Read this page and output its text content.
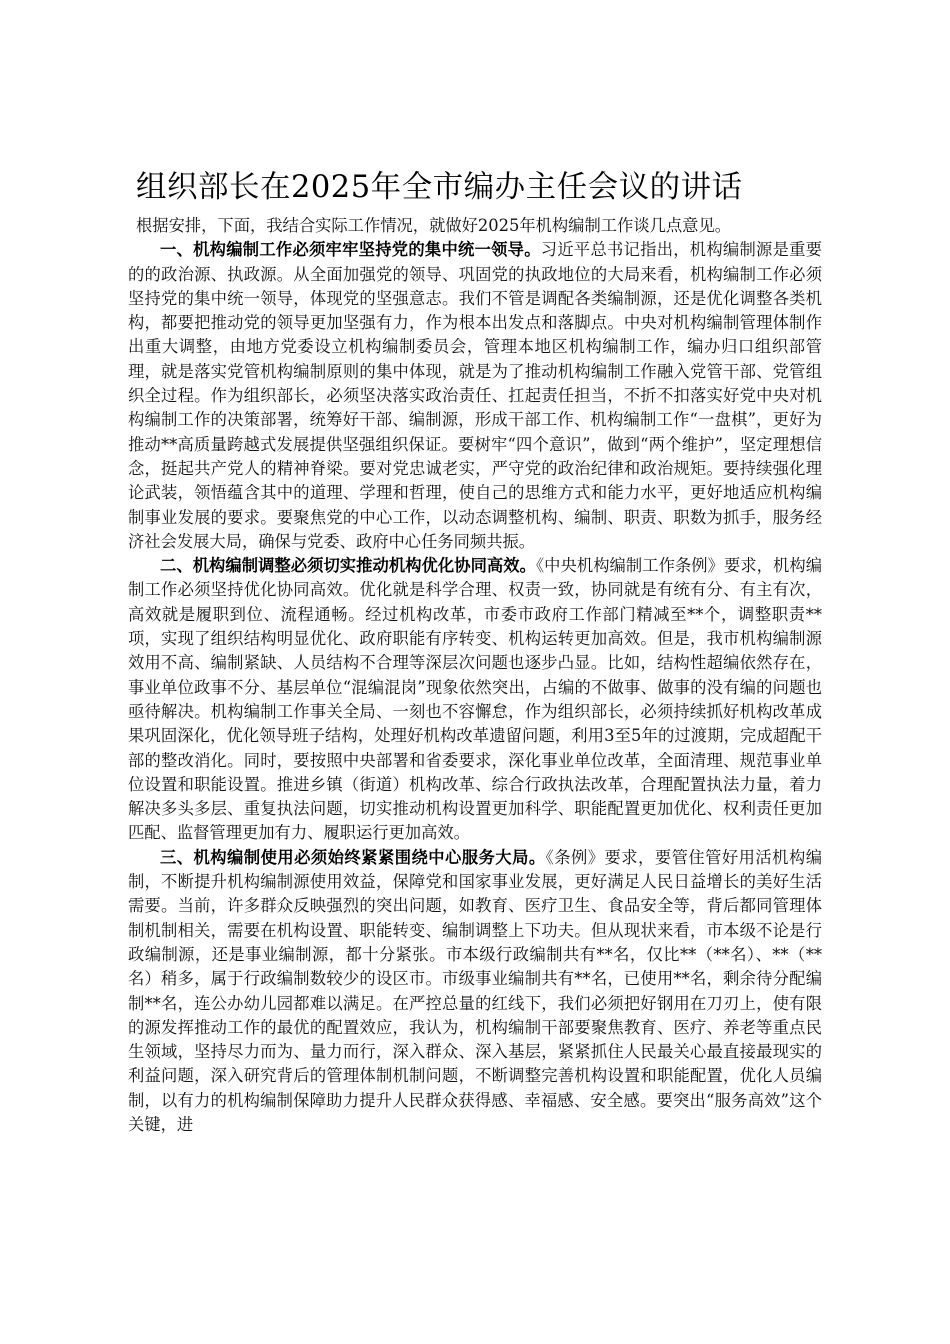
组织部长在2025年全市编办主任会议的讲话

根据安排，下面，我结合实际工作情况，就做好2025年机构编制工作谈几点意见。

一、机构编制工作必须牢牢坚持党的集中统一领导。习近平总书记指出，机构编制源是重要的的政治源、执政源。从全面加强党的领导、巩固党的执政地位的大局来看，机构编制工作必须坚持党的集中统一领导，体现党的坚强意志。我们不管是调配各类编制源，还是优化调整各类机构，都要把推动党的领导更加坚强有力，作为根本出发点和落脚点。中央对机构编制管理体制作出重大调整，由地方党委设立机构编制委员会，管理本地区机构编制工作，编办归口组织部管理，就是落实党管机构编制原则的集中体现，就是为了推动机构编制工作融入党管干部、党管组织全过程。作为组织部长，必须坚决落实政治责任、扛起责任担当，不折不扣落实好党中央对机构编制工作的决策部署，统筹好干部、编制源，形成干部工作、机构编制工作“一盘棋”，更好为推动**高质量跨越式发展提供坚强组织保证。要树牢“四个意识”，做到“两个维护”，坚定理想信念，挺起共产党人的精神脊梁。要对党忠诚老实，严守党的政治纪律和政治规矩。要持续强化理论武装，领悟蕴含其中的道理、学理和哲理，使自己的思维方式和能力水平，更好地适应机构编制事业发展的要求。要聚焦党的中心工作，以动态调整机构、编制、职责、职数为抓手，服务经济社会发展大局，确保与党委、政府中心任务同频共振。

二、机构编制调整必须切实推动机构优化协同高效。《中央机构编制工作条例》要求，机构编制工作必须坚持优化协同高效。优化就是科学合理、权责一致，协同就是有统有分、有主有次，高效就是履职到位、流程通畅。经过机构改革，市委市政府工作部门精减至**个，调整职责**项，实现了组织结构明显优化、政府职能有序转变、机构运转更加高效。但是，我市机构编制源效用不高、编制紧缺、人员结构不合理等深层次问题也逐步凸显。比如，结构性超编依然存在，事业单位政事不分、基层单位“混编混岗”现象依然突出，占编的不做事、做事的没有编的问题也亟待解决。机构编制工作事关全局、一刻也不容懈怠，作为组织部长，必须持续抓好机构改革成果巩固深化，优化领导班子结构，处理好机构改革遗留问题，利用3至5年的过渡期，完成超配干部的整改消化。同时，要按照中央部署和省委要求，深化事业单位改革，全面清理、规范事业单位设置和职能设置。推进乡镇（街道）机构改革、综合行政执法改革，合理配置执法力量，着力解决多头多层、重复执法问题，切实推动机构设置更加科学、职能配置更加优化、权利责任更加匹配、监督管理更加有力、履职运行更加高效。

三、机构编制使用必须始终紧紧围绕中心服务大局。《条例》要求，要管住管好用活机构编制，不断提升机构编制源使用效益，保障党和国家事业发展，更好满足人民日益增长的美好生活需要。当前，许多群众反映强烈的突出问题，如教育、医疗卫生、食品安全等，背后都同管理体制机制相关，需要在机构设置、职能转变、编制调整上下功夫。但从现状来看，市本级不论是行政编制源，还是事业编制源，都十分紧张。市本级行政编制共有**名，仅比**（**名）、**（**名）稍多，属于行政编制数较少的设区市。市级事业编制共有**名，已使用**名，剩余待分配编制**名，连公办幼儿园都难以满足。在严控总量的红线下，我们必须把好钢用在刀刃上，使有限的源发挥推动工作的最优的配置效应，我认为，机构编制干部要聚焦教育、医疗、养老等重点民生领域，坚持尽力而为、量力而行，深入群众、深入基层，紧紧抓住人民最关心最直接最现实的利益问题，深入研究背后的管理体制机制问题，不断调整完善机构设置和职能配置，优化人员编制，以有力的机构编制保障助力提升人民群众获得感、幸福感、安全感。要突出“服务高效”这个关键，进
